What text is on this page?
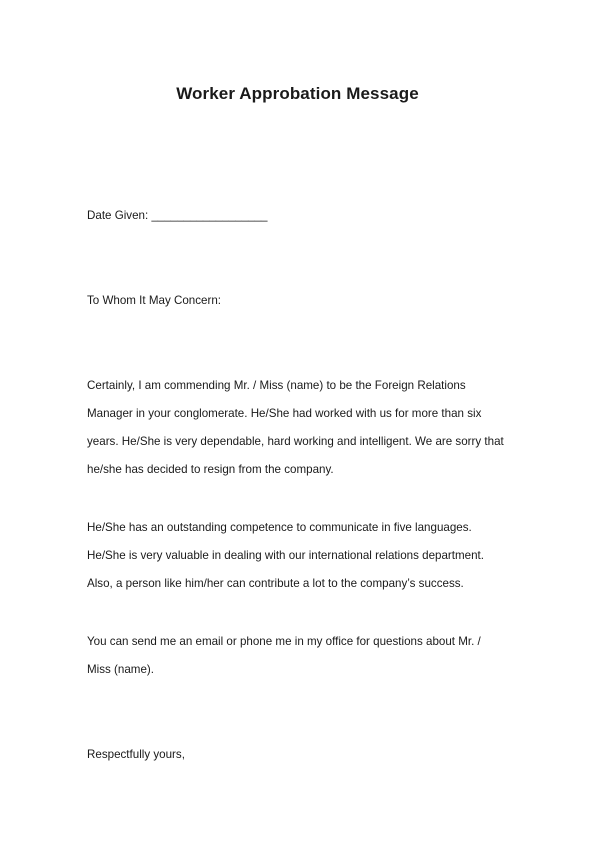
Worker Approbation Message
Date Given: __________________
To Whom It May Concern:
Certainly, I am commending Mr. / Miss (name) to be the Foreign Relations
Manager in your conglomerate. He/She had worked with us for more than six
years. He/She is very dependable, hard working and intelligent. We are sorry that
he/she has decided to resign from the company.
He/She has an outstanding competence to communicate in five languages.
He/She is very valuable in dealing with our international relations department.
Also, a person like him/her can contribute a lot to the company’s success.
You can send me an email or phone me in my office for questions about Mr. /
Miss (name).
Respectfully yours,
